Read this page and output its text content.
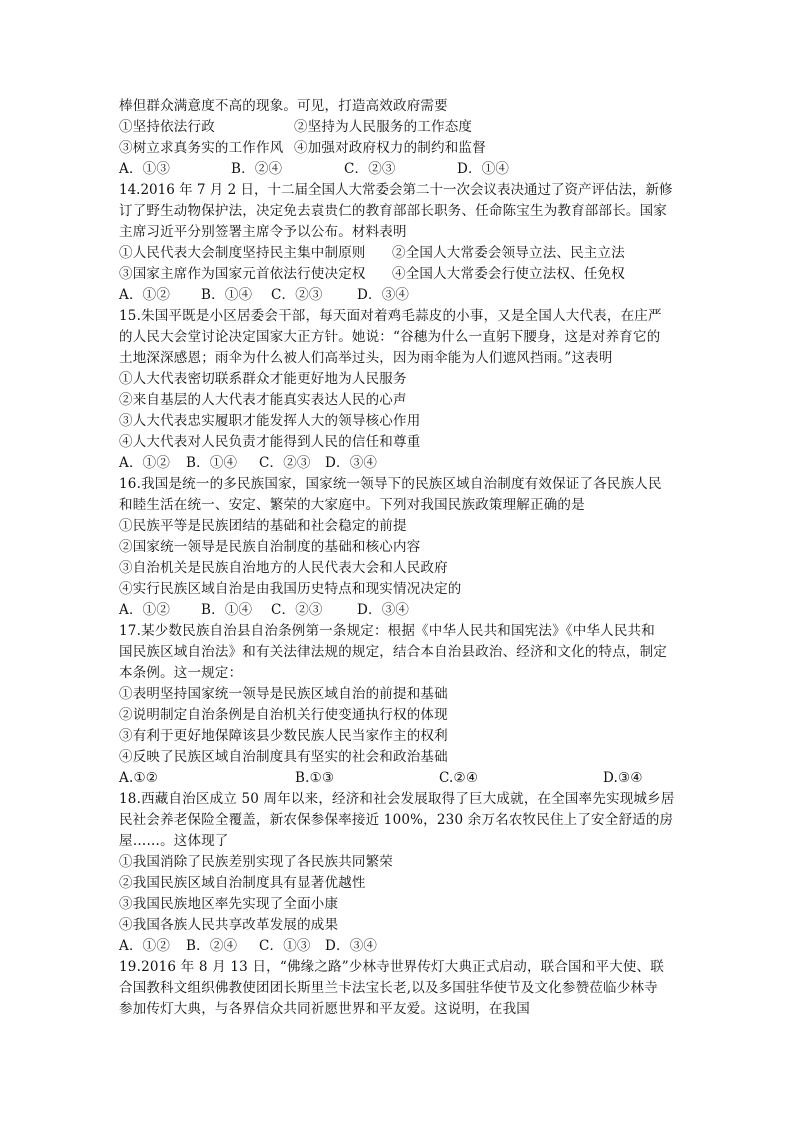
棒但群众满意度不高的现象。可见，打造高效政府需要
①坚持依法行政	②坚持为人民服务的工作态度
③树立求真务实的工作作风 ④加强对政府权力的制约和监督
A．①③	B．②④	C．②③	D．①④
14.2016 年 7 月 2 日，十二届全国人大常委会第二十一次会议表决通过了资产评估法，新修
订了野生动物保护法，决定免去袁贵仁的教育部部长职务、任命陈宝生为教育部部长。国家
主席习近平分别签署主席令予以公布。材料表明
①人民代表大会制度坚持民主集中制原则 ②全国人大常委会领导立法、民主立法
③国家主席作为国家元首依法行使决定权 ④全国人大常委会行使立法权、任免权
A．①② B．①④ C．②③	D．③④
15.朱国平既是小区居委会干部，每天面对着鸡毛蒜皮的小事，又是全国人大代表，在庄严
的人民大会堂讨论决定国家大正方针。她说：“谷穗为什么一直躬下腰身，这是对养育它的
土地深深感恩；雨伞为什么被人们高举过头，因为雨伞能为人们遮风挡雨。”这表明
①人大代表密切联系群众才能更好地为人民服务
②来自基层的人大代表才能真实表达人民的心声
③人大代表忠实履职才能发挥人大的领导核心作用
④人大代表对人民负责才能得到人民的信任和尊重
A．①② B．①④ C．②③ D．③④
16.我国是统一的多民族国家，国家统一领导下的民族区域自治制度有效保证了各民族人民
和睦生活在统一、安定、繁荣的大家庭中。下列对我国民族政策理解正确的是
①民族平等是民族团结的基础和社会稳定的前提
②国家统一领导是民族自治制度的基础和核心内容
③自治机关是民族自治地方的人民代表大会和人民政府
④实行民族区域自治是由我国历史特点和现实情况决定的
A．①② B．①④ C．②③	D．③④
17.某少数民族自治县自治条例第一条规定：根据《中华人民共和国宪法》《中华人民共和
国民族区域自治法》和有关法律法规的规定，结合本自治县政治、经济和文化的特点，制定
本条例。这一规定：
①表明坚持国家统一领导是民族区域自治的前提和基础
②说明制定自治条例是自治机关行使变通执行权的体现
③有利于更好地保障该县少数民族人民当家作主的权利
④反映了民族区域自治制度具有坚实的社会和政治基础
A.①②	B.①③	C.②④	D.③④
18.西藏自治区成立 50 周年以来，经济和社会发展取得了巨大成就，在全国率先实现城乡居
民社会养老保险全覆盖，新农保参保率接近 100%，230 余万名农牧民住上了安全舒适的房
屋……。这体现了
①我国消除了民族差别实现了各民族共同繁荣
②我国民族区域自治制度具有显著优越性
③我国民族地区率先实现了全面小康
④我国各族人民共享改革发展的成果
A．①② B．②④ C．①③ D．③④
19.2016 年 8 月 13 日，“佛缘之路”少林寺世界传灯大典正式启动，联合国和平大使、联
合国教科文组织佛教使团团长斯里兰卡法宝长老,以及多国驻华使节及文化参赞莅临少林寺
参加传灯大典，与各界信众共同祈愿世界和平友爱。这说明，在我国
